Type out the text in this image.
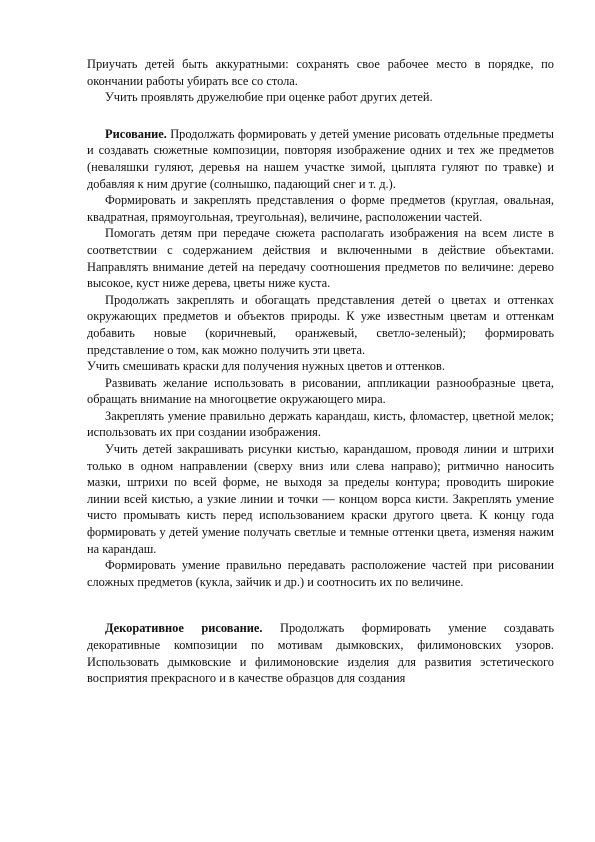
Приучать детей быть аккуратными: сохранять свое рабочее место в порядке, по окончании работы убирать все со стола.

Учить проявлять дружелюбие при оценке работ других детей.

Рисование. Продолжать формировать у детей умение рисовать отдельные предметы и создавать сюжетные композиции, повторяя изображение одних и тех же предметов (неваляшки гуляют, деревья на нашем участке зимой, цыплята гуляют по травке) и добавляя к ним другие (солнышко, падающий снег и т. д.).

Формировать и закреплять представления о форме предметов (круглая, овальная, квадратная, прямоугольная, треугольная), величине, расположении частей.

Помогать детям при передаче сюжета располагать изображения на всем листе в соответствии с содержанием действия и включенными в действие объектами. Направлять внимание детей на передачу соотношения предметов по величине: дерево высокое, куст ниже дерева, цветы ниже куста.

Продолжать закреплять и обогащать представления детей о цветах и оттенках окружающих предметов и объектов природы. К уже известным цветам и оттенкам добавить новые (коричневый, оранжевый, светло-зеленый); формировать представление о том, как можно получить эти цвета.

Учить смешивать краски для получения нужных цветов и оттенков.

Развивать желание использовать в рисовании, аппликации разнообразные цвета, обращать внимание на многоцветие окружающего мира.

Закреплять умение правильно держать карандаш, кисть, фломастер, цветной мелок; использовать их при создании изображения.

Учить детей закрашивать рисунки кистью, карандашом, проводя линии и штрихи только в одном направлении (сверху вниз или слева направо); ритмично наносить мазки, штрихи по всей форме, не выходя за пределы контура; проводить широкие линии всей кистью, а узкие линии и точки — концом ворса кисти. Закреплять умение чисто промывать кисть перед использованием краски другого цвета. К концу года формировать у детей умение получать светлые и темные оттенки цвета, изменяя нажим на карандаш.

Формировать умение правильно передавать расположение частей при рисовании сложных предметов (кукла, зайчик и др.) и соотносить их по величине.

Декоративное рисование. Продолжать формировать умение создавать декоративные композиции по мотивам дымковских, филимоновских узоров. Использовать дымковские и филимоновские изделия для развития эстетического восприятия прекрасного и в качестве образцов для создания
